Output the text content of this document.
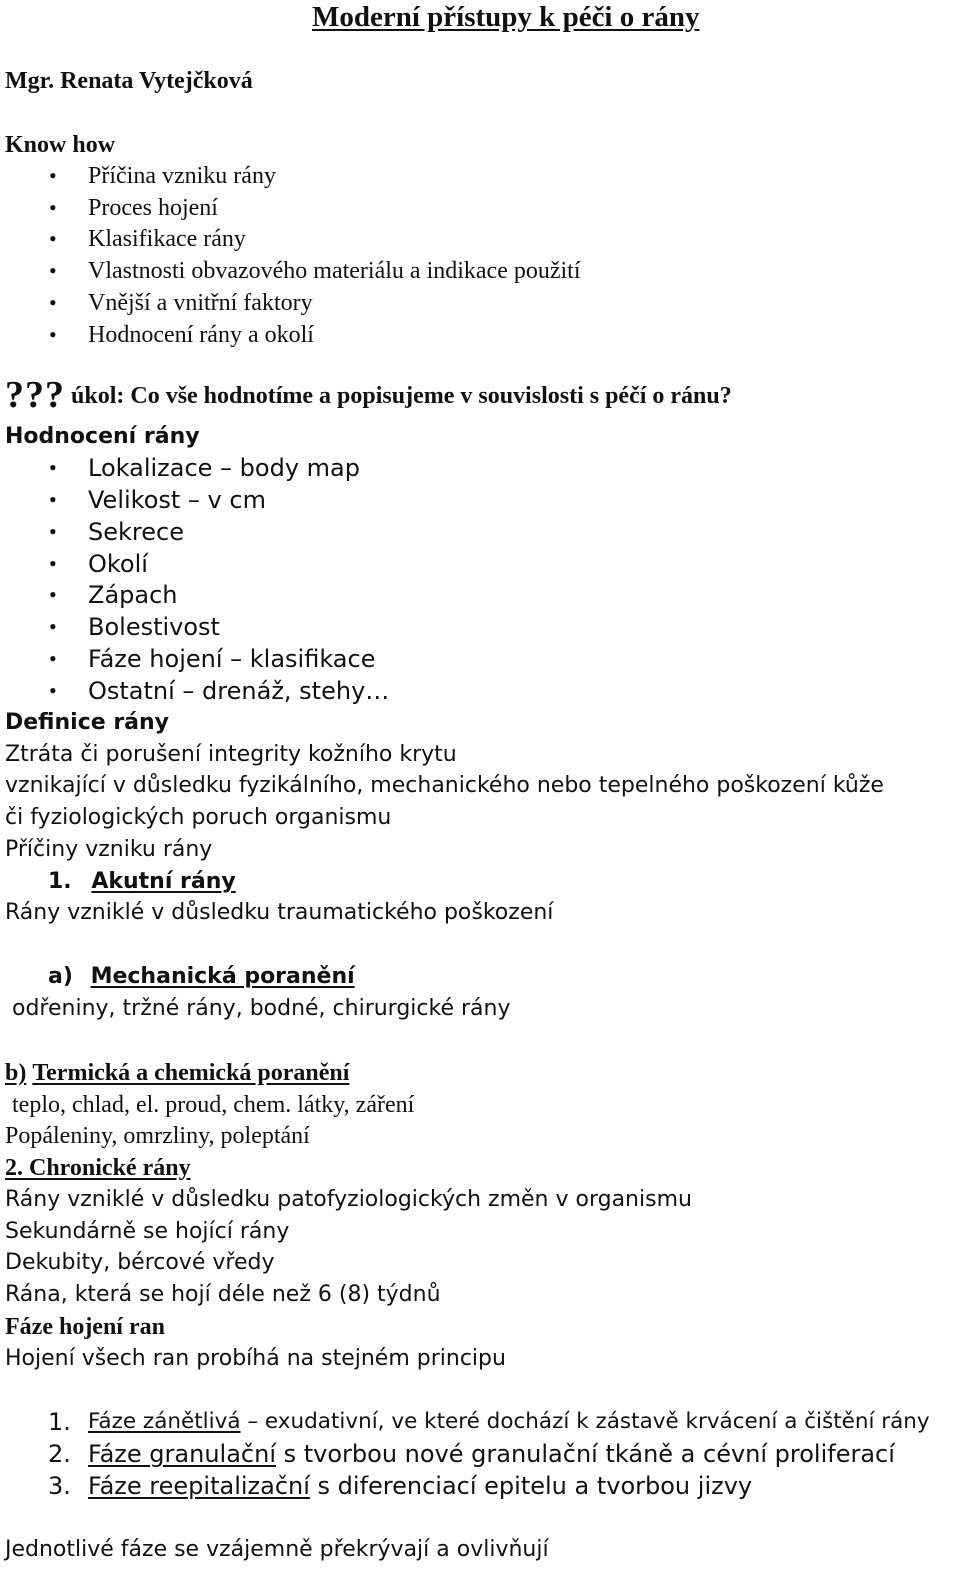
Moderní přístupy k péči o rány
Mgr. Renata Vytejčková
Know how
• Příčina vzniku rány
• Proces hojení
• Klasifikace rány
• Vlastnosti obvazového materiálu a indikace použití
• Vnější a vnitřní faktory
• Hodnocení rány a okolí
??? úkol: Co vše hodnotíme a popisujeme v souvislosti s péčí o ránu?
Hodnocení rány
• Lokalizace – body map
• Velikost – v cm
• Sekrece
• Okolí
• Zápach
• Bolestivost
• Fáze hojení – klasifikace
• Ostatní – drenáž, stehy…
Definice rány
Ztráta či porušení integrity kožního krytu
vznikající v důsledku fyzikálního, mechanického nebo tepelného poškození kůže
či fyziologických poruch organismu
Příčiny vzniku rány
1. Akutní rány
Rány vzniklé v důsledku traumatického poškození
a) Mechanická poranění
odřeniny, tržné rány, bodné, chirurgické rány
b) Termická a chemická poranění
teplo, chlad, el. proud, chem. látky, záření
Popáleniny, omrzliny, poleptání
2. Chronické rány
Rány vzniklé v důsledku patofyziologických změn v organismu
Sekundárně se hojící rány
Dekubity, bércové vředy
Rána, která se hojí déle než 6 (8) týdnů
Fáze hojení ran
Hojení všech ran probíhá na stejném principu
1. Fáze zánětlivá – exudativní, ve které dochází k zástavě krvácení a čištění rány
2. Fáze granulační s tvorbou nové granulační tkáně a cévní proliferací
3. Fáze reepitalizační s diferenciací epitelu a tvorbou jizvy
Jednotlivé fáze se vzájemně překrývají a ovlivňují
